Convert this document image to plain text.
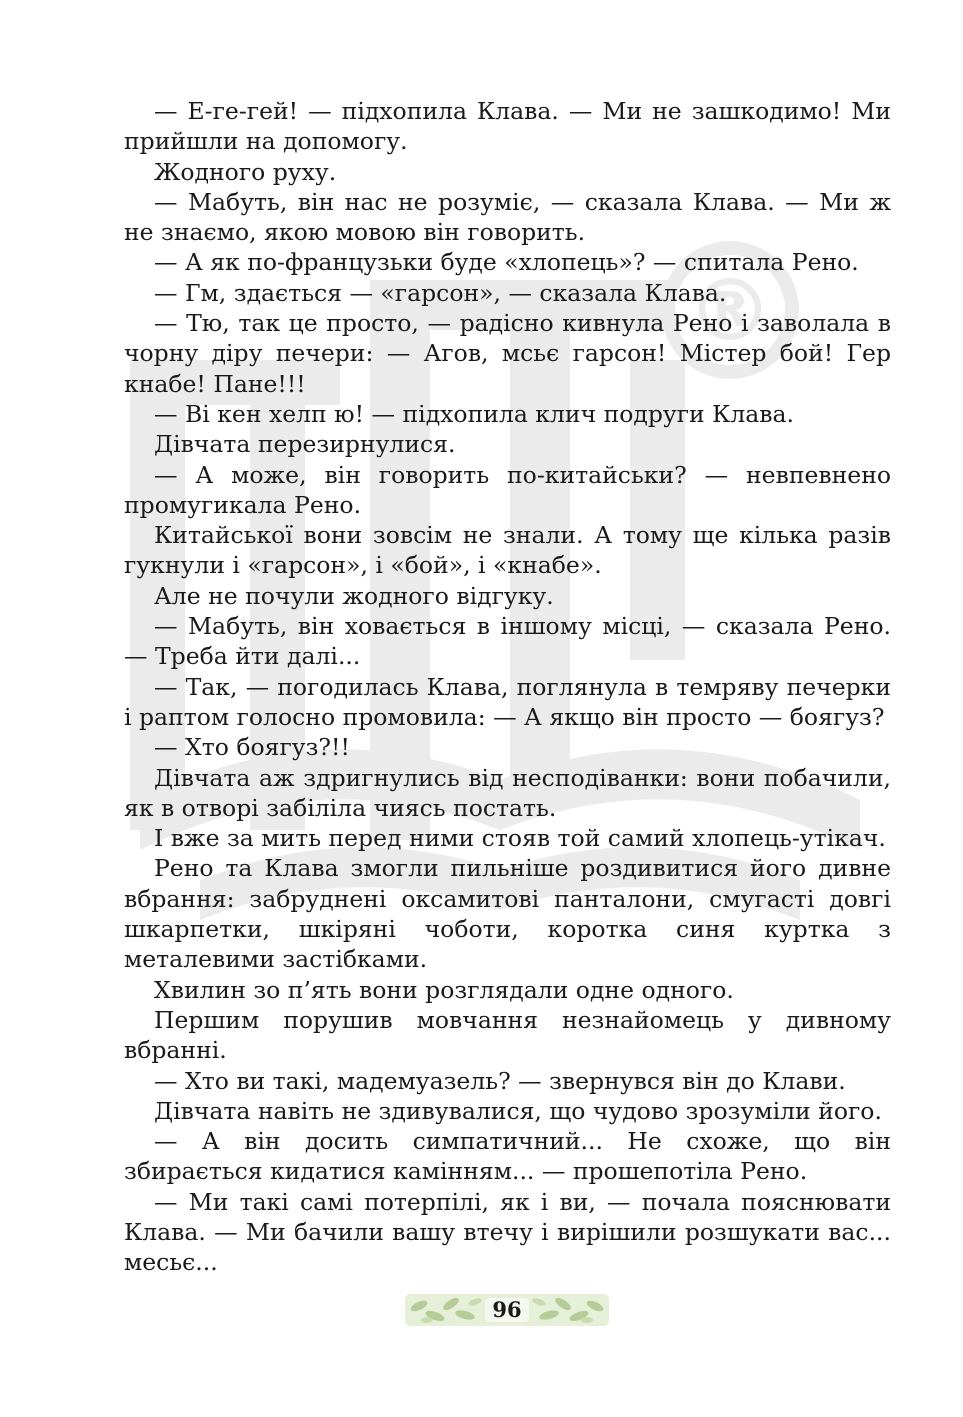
®

— Е-ге-гей! — підхопила Клава. — Ми не зашкодимо! Ми прийшли на допомогу.

Жодного руху.

— Мабуть, він нас не розуміє, — сказала Клава. — Ми ж не знаємо, якою мовою він говорить.

— А як по-французьки буде «хлопець»? — спитала Рено.

— Гм, здається — «гарсон», — сказала Клава.

— Тю, так це просто, — радісно кивнула Рено і заволала в чорну діру печери: — Агов, мсьє гарсон! Містер бой! Гер кнабе! Пане!!!

— Ві кен хелп ю! — підхопила клич подруги Клава.

Дівчата перезирнулися.

— А може, він говорить по-китайськи? — невпевнено промугикала Рено.

Китайської вони зовсім не знали. А тому ще кілька разів гукнули і «гарсон», і «бой», і «кнабе».

Але не почули жодного відгуку.

— Мабуть, він ховається в іншому місці, — сказала Рено. — Треба йти далі...

— Так, — погодилась Клава, поглянула в темряву печерки і раптом голосно промовила: — А якщо він просто — боягуз?

— Хто боягуз?!!

Дівчата аж здригнулись від несподіванки: вони побачили, як в отворі забіліла чиясь постать.

І вже за мить перед ними стояв той самий хлопець-утікач.

Рено та Клава змогли пильніше роздивитися його дивне вбрання: забруднені оксамитові панталони, смугасті довгі шкарпетки, шкіряні чоботи, коротка синя куртка з металевими застібками.

Хвилин зо п’ять вони розглядали одне одного.

Першим порушив мовчання незнайомець у дивному вбранні.

— Хто ви такі, мадемуазель? — звернувся він до Клави.

Дівчата навіть не здивувалися, що чудово зрозуміли його.

— А він досить симпатичний... Не схоже, що він збирається кидатися камінням... — прошепотіла Рено.

— Ми такі самі потерпілі, як і ви, — почала пояснювати Клава. — Ми бачили вашу втечу і вирішили розшукати вас... месьє...

96
